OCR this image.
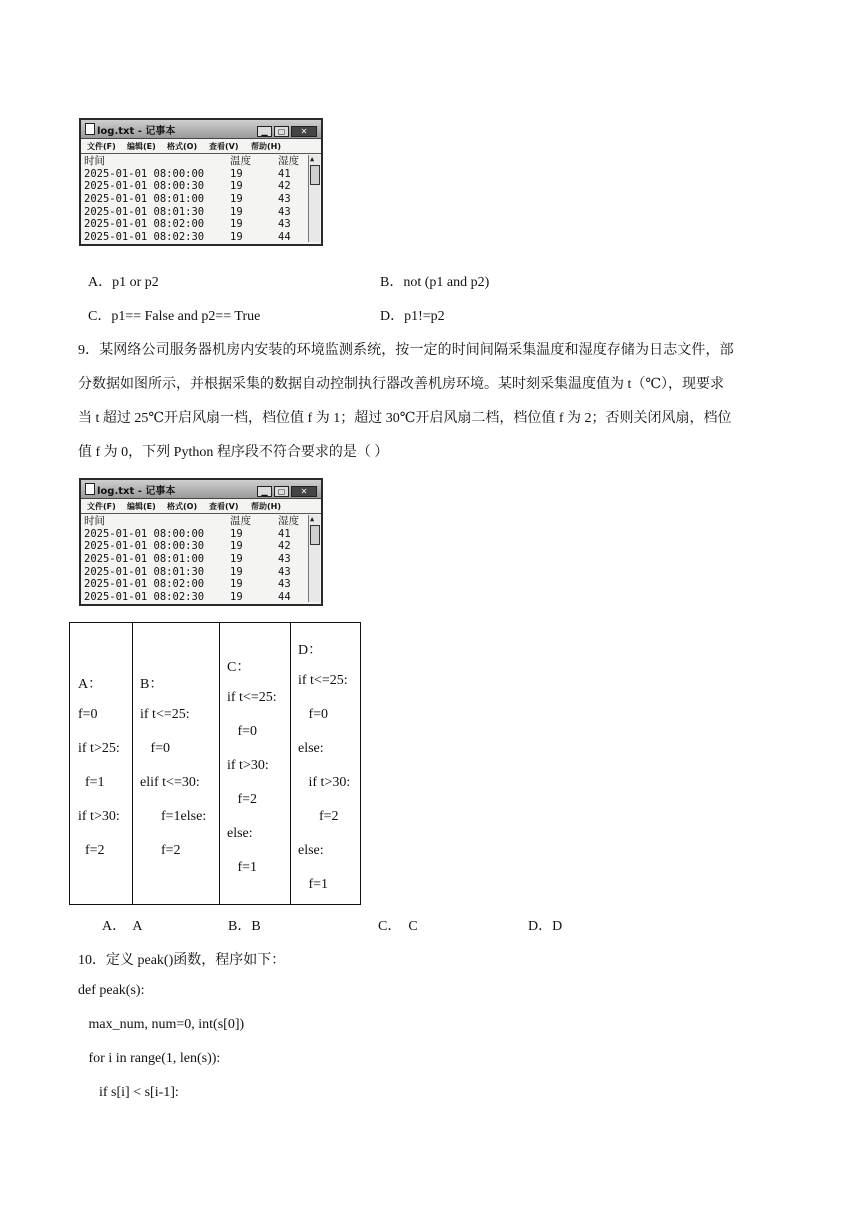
log.txt - 记事本	▁ ▢ ✕
文件(F) 编辑(E) 格式(O) 查看(V) 帮助(H)
时间	温度	湿度
2025-01-01 08:00:00 19	41
2025-01-01 08:00:30 19	42
2025-01-01 08:01:00 19	43
2025-01-01 08:01:30 19	43
2025-01-01 08:02:00 19	43
2025-01-01 08:02:30 19	44
▲
A．p1 or p2	B．not (p1 and p2)
C．p1== False and p2== True	D．p1!=p2
9．某网络公司服务器机房内安装的环境监测系统，按一定的时间间隔采集温度和湿度存储为日志文件，部
分数据如图所示，并根据采集的数据自动控制执行器改善机房环境。某时刻采集温度值为 t（℃），现要求
当 t 超过 25℃开启风扇一档，档位值 f 为 1；超过 30℃开启风扇二档，档位值 f 为 2；否则关闭风扇，档位
值 f 为 0，下列 Python 程序段不符合要求的是（ ）
log.txt - 记事本	▁ ▢ ✕
文件(F) 编辑(E) 格式(O) 查看(V) 帮助(H)
时间	温度	湿度
2025-01-01 08:00:00 19	41
2025-01-01 08:00:30 19	42
2025-01-01 08:01:00 19	43
2025-01-01 08:01:30 19	43
2025-01-01 08:02:00 19	43
2025-01-01 08:02:30 19	44
▲
A：
f=0
if t>25:
f=1
if t>30:
f=2
B：
if t<=25:
f=0
elif t<=30:
f=1else:
f=2
C：
if t<=25:
f=0
if t>30:
f=2
else:
f=1
D：
if t<=25:
f=0
else:
if t>30:
f=2
else:
f=1
A．  A	B．B	C．  C	D．D
10．定义 peak()函数，程序如下：
def peak(s):
max_num, num=0, int(s[0])
for i in range(1, len(s)):
if s[i] < s[i-1]:
